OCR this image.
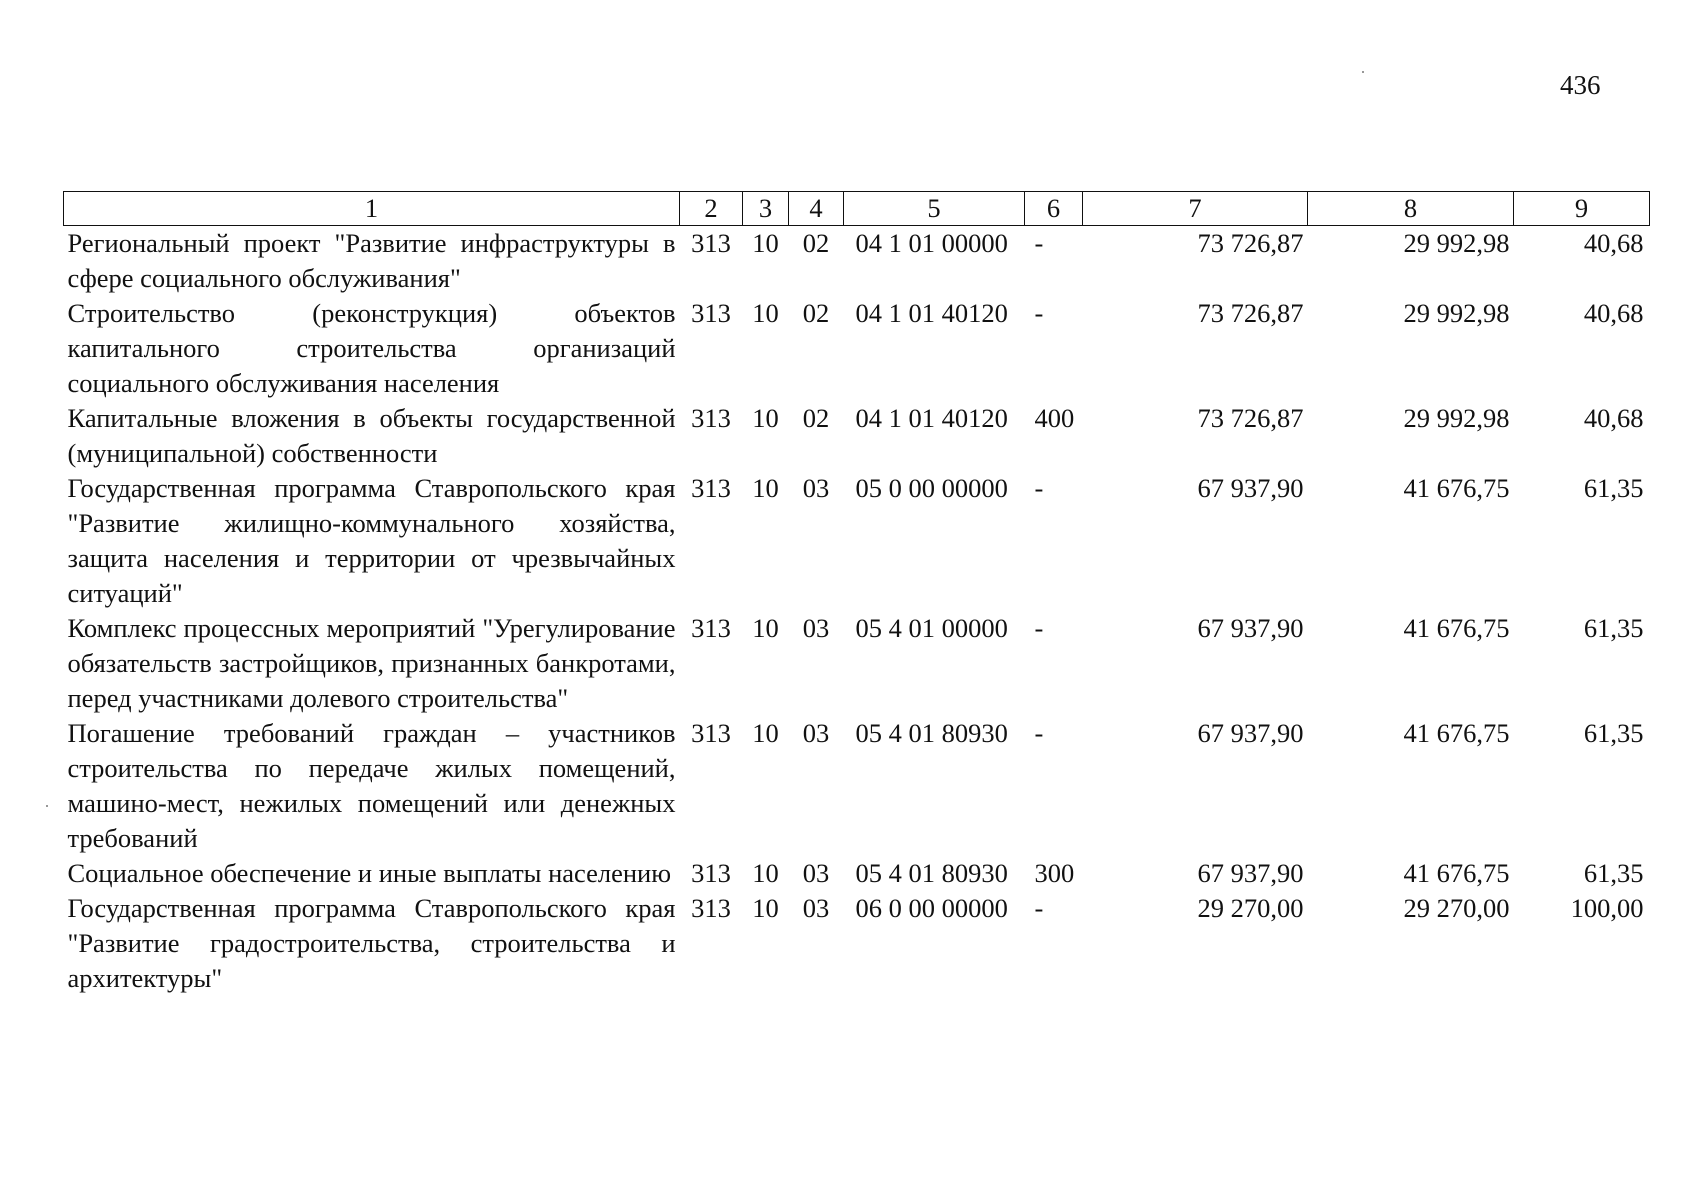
436
1	2	3	4	5	6	7	8	9
Региональный проект "Развитие инфраструктуры в сфере социального обслуживания"	313	10	02	04 1 01 00000	-	73 726,87	29 992,98	40,68
Строительство (реконструкция) объектов капитального строительства организаций социального обслуживания населения	313	10	02	04 1 01 40120	-	73 726,87	29 992,98	40,68
Капитальные вложения в объекты государственной (муниципальной) собственности	313	10	02	04 1 01 40120	400	73 726,87	29 992,98	40,68
Государственная программа Ставропольского края "Развитие жилищно-коммунального хозяйства, защита населения и территории от чрезвычайных ситуаций"	313	10	03	05 0 00 00000	-	67 937,90	41 676,75	61,35
Комплекс процессных мероприятий "Урегулирование обязательств застройщиков, признанных банкротами, перед участниками долевого строительства"	313	10	03	05 4 01 00000	-	67 937,90	41 676,75	61,35
Погашение требований граждан – участников строительства по передаче жилых помещений, машино-мест, нежилых помещений или денежных требований	313	10	03	05 4 01 80930	-	67 937,90	41 676,75	61,35
Социальное обеспечение и иные выплаты населению	313	10	03	05 4 01 80930	300	67 937,90	41 676,75	61,35
Государственная программа Ставропольского края "Развитие градостроительства, строительства и архитектуры"	313	10	03	06 0 00 00000	-	29 270,00	29 270,00	100,00
